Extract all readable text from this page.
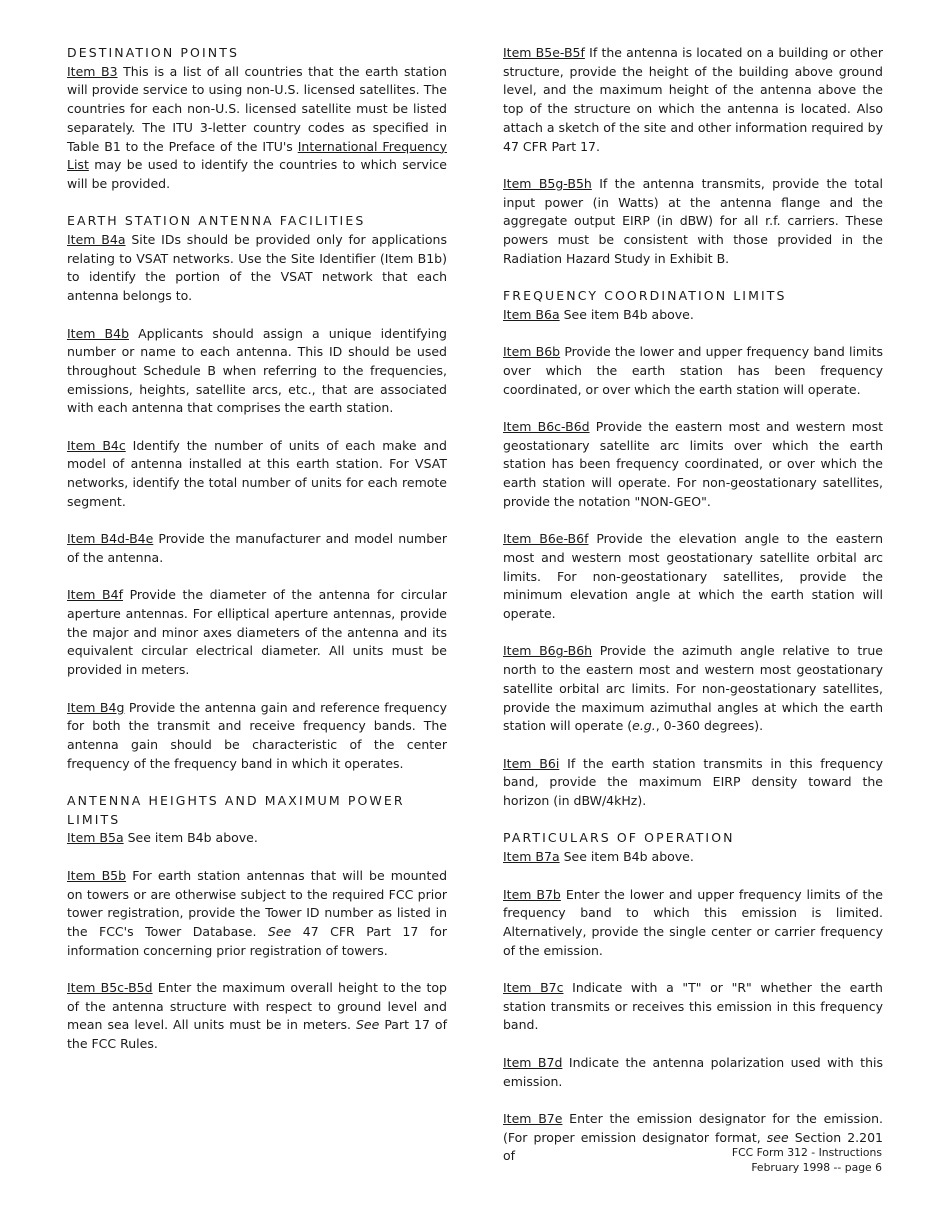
DESTINATION POINTS

Item B3 This is a list of all countries that the earth station will provide service to using non-U.S. licensed satellites. The countries for each non-U.S. licensed satellite must be listed separately. The ITU 3-letter country codes as specified in Table B1 to the Preface of the ITU's International Frequency List may be used to identify the countries to which service will be provided.

EARTH STATION ANTENNA FACILITIES

Item B4a Site IDs should be provided only for applications relating to VSAT networks. Use the Site Identifier (Item B1b) to identify the portion of the VSAT network that each antenna belongs to.

Item B4b Applicants should assign a unique identifying number or name to each antenna. This ID should be used throughout Schedule B when referring to the frequencies, emissions, heights, satellite arcs, etc., that are associated with each antenna that comprises the earth station.

Item B4c Identify the number of units of each make and model of antenna installed at this earth station. For VSAT networks, identify the total number of units for each remote segment.

Item B4d-B4e Provide the manufacturer and model number of the antenna.

Item B4f Provide the diameter of the antenna for circular aperture antennas. For elliptical aperture antennas, provide the major and minor axes diameters of the antenna and its equivalent circular electrical diameter. All units must be provided in meters.

Item B4g Provide the antenna gain and reference frequency for both the transmit and receive frequency bands. The antenna gain should be characteristic of the center frequency of the frequency band in which it operates.

ANTENNA HEIGHTS AND MAXIMUM POWER LIMITS

Item B5a See item B4b above.

Item B5b For earth station antennas that will be mounted on towers or are otherwise subject to the required FCC prior tower registration, provide the Tower ID number as listed in the FCC's Tower Database. See 47 CFR Part 17 for information concerning prior registration of towers.

Item B5c-B5d Enter the maximum overall height to the top of the antenna structure with respect to ground level and mean sea level. All units must be in meters. See Part 17 of the FCC Rules.

Item B5e-B5f If the antenna is located on a building or other structure, provide the height of the building above ground level, and the maximum height of the antenna above the top of the structure on which the antenna is located. Also attach a sketch of the site and other information required by 47 CFR Part 17.

Item B5g-B5h If the antenna transmits, provide the total input power (in Watts) at the antenna flange and the aggregate output EIRP (in dBW) for all r.f. carriers. These powers must be consistent with those provided in the Radiation Hazard Study in Exhibit B.

FREQUENCY COORDINATION LIMITS

Item B6a See item B4b above.

Item B6b Provide the lower and upper frequency band limits over which the earth station has been frequency coordinated, or over which the earth station will operate.

Item B6c-B6d Provide the eastern most and western most geostationary satellite arc limits over which the earth station has been frequency coordinated, or over which the earth station will operate. For non-geostationary satellites, provide the notation "NON-GEO".

Item B6e-B6f Provide the elevation angle to the eastern most and western most geostationary satellite orbital arc limits. For non-geostationary satellites, provide the minimum elevation angle at which the earth station will operate.

Item B6g-B6h Provide the azimuth angle relative to true north to the eastern most and western most geostationary satellite orbital arc limits. For non-geostationary satellites, provide the maximum azimuthal angles at which the earth station will operate (e.g., 0-360 degrees).

Item B6i If the earth station transmits in this frequency band, provide the maximum EIRP density toward the horizon (in dBW/4kHz).

PARTICULARS OF OPERATION

Item B7a See item B4b above.

Item B7b Enter the lower and upper frequency limits of the frequency band to which this emission is limited. Alternatively, provide the single center or carrier frequency of the emission.

Item B7c Indicate with a "T" or "R" whether the earth station transmits or receives this emission in this frequency band.

Item B7d Indicate the antenna polarization used with this emission.

Item B7e Enter the emission designator for the emission. (For proper emission designator format, see Section 2.201 of	FCC Form 312 - Instructions
February 1998 -- page 6
